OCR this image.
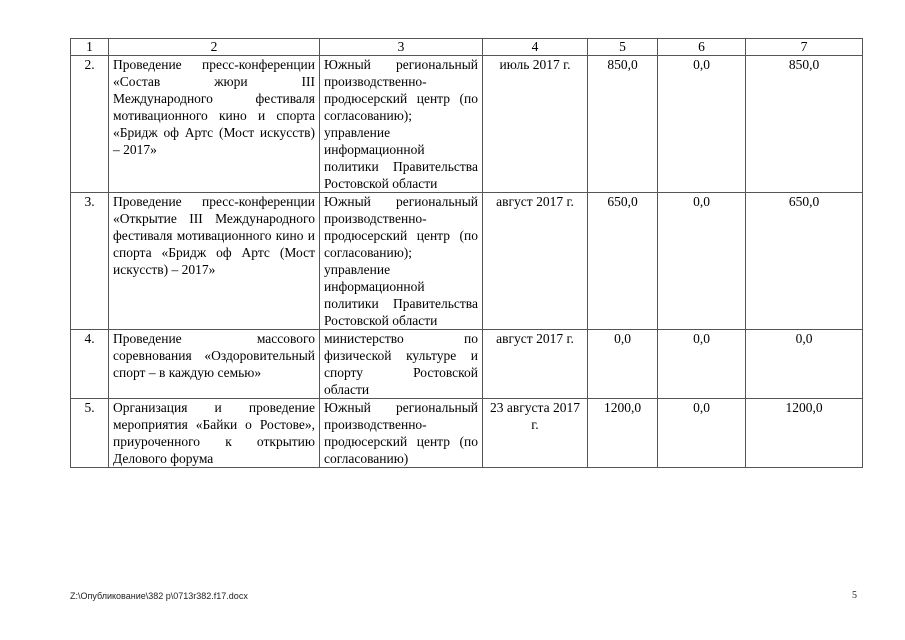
1	2	3	4	5	6	7
2.	Проведение пресс-конференции «Состав жюри III Международного фестиваля мотивационного кино и спорта «Бридж оф Артс (Мост искусств) – 2017»	Южный региональный производственно-продюсерский центр (по согласованию); управление информационной политики Правительства Ростовской области	июль 2017 г.	850,0	0,0	850,0
3.	Проведение пресс-конференции «Открытие III Международного фестиваля мотивационного кино и спорта «Бридж оф Артс (Мост искусств) – 2017»	Южный региональный производственно-продюсерский центр (по согласованию); управление информационной политики Правительства Ростовской области	август 2017 г.	650,0	0,0	650,0
4.	Проведение массового соревнования «Оздоровительный спорт – в каждую семью»	министерство по физической культуре и спорту Ростовской области	август 2017 г.	0,0	0,0	0,0
5.	Организация и проведение мероприятия «Байки о Ростове», приуроченного к открытию Делового форума	Южный региональный производственно-продюсерский центр (по согласованию)	23 августа 2017 г.	1200,0	0,0	1200,0
Z:\Опубликование\382 р\0713r382.f17.docx	5
